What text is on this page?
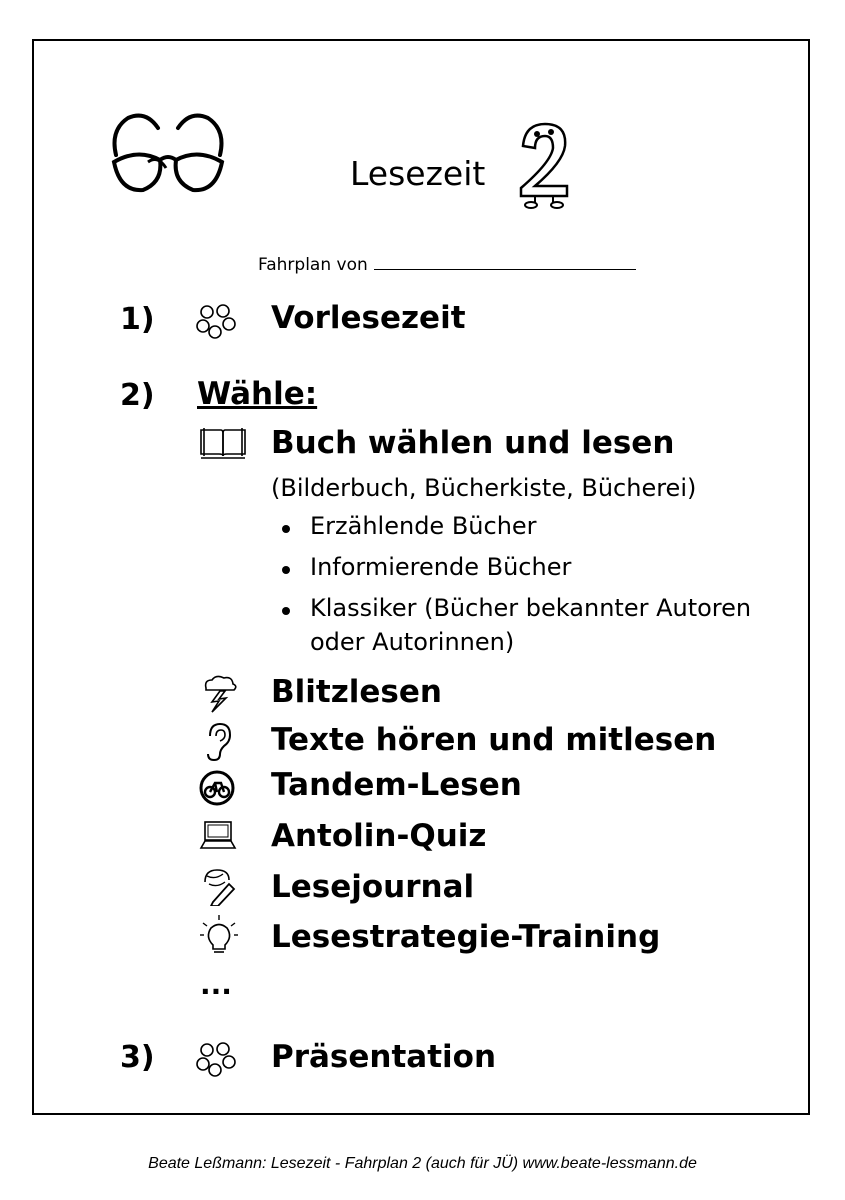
Lesezeit
Fahrplan von
1)	Vorlesezeit
2) Wähle:
Buch wählen und lesen
(Bilderbuch, Bücherkiste, Bücherei)
Erzählende Bücher
Informierende Bücher
Klassiker (Bücher bekannter Autoren
oder Autorinnen)
Blitzlesen
Texte hören und mitlesen
Tandem-Lesen
Antolin-Quiz
Lesejournal
Lesestrategie-Training
...
3)	Präsentation
Beate Leßmann: Lesezeit - Fahrplan 2 (auch für JÜ) www.beate-lessmann.de
